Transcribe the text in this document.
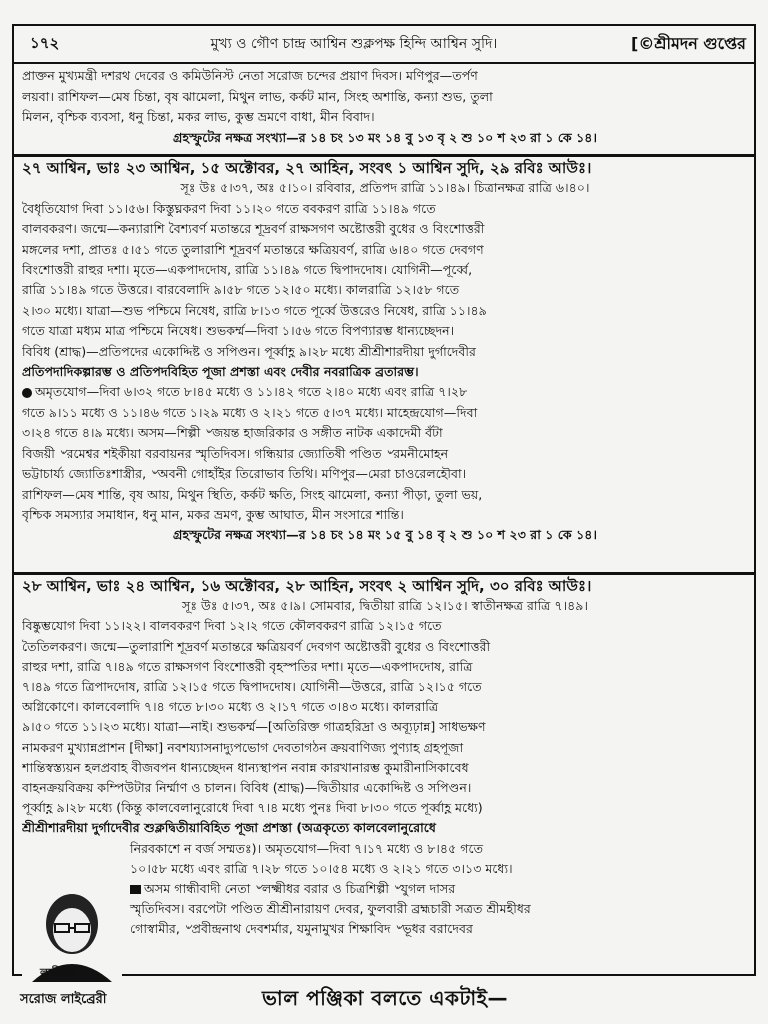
১৭২	মুখ্য ও গৌণ চান্দ্র আশ্বিন শুক্লপক্ষ হিন্দি আশ্বিন সুদি।	[©শ্রীমদন গুপ্তের

প্রাক্তন মুখ্যমন্ত্রী দশরথ দেবের ও কমিউনিস্ট নেতা সরোজ চন্দের প্রয়াণ দিবস। মণিপুর—তর্পণ

লয়বা। রাশিফল—মেষ চিন্তা, বৃষ ঝামেলা, মিথুন লাভ, কর্কট মান, সিংহ অশান্তি, কন্যা শুভ, তুলা

মিলন, বৃশ্চিক ব্যবসা, ধনু চিন্তা, মকর লাভ, কুম্ভ ভ্রমণে বাধা, মীন বিবাদ।

গ্রহস্ফুটের নক্ষত্র সংখ্যা—র ১৪ চং ১৩ মং ১৪ বু ১৩ বৃ ২ শু ১০ শ ২৩ রা ১ কে ১৪।

২৭ আশ্বিন, ভাঃ ২৩ আশ্বিন, ১৫ অক্টোবর, ২৭ আহিন, সংবৎ ১ আশ্বিন সুদি, ২৯ রবিঃ আউঃ।

সূঃ উঃ ৫।৩৭, অঃ ৫।১০। রবিবার, প্রতিপদ রাত্রি ১১।৪৯। চিত্রানক্ষত্র রাত্রি ৬।৪০।

বৈধৃতিযোগ দিবা ১১।৫৬। কিস্তুঘ্নকরণ দিবা ১১।২০ গতে ববকরণ রাত্রি ১১।৪৯ গতে

বালবকরণ। জন্মে—কন্যারাশি বৈশ্যবর্ণ মতান্তরে শূদ্রবর্ণ রাক্ষসগণ অষ্টোত্তরী বুধের ও বিংশোত্তরী

মঙ্গলের দশা, প্রাতঃ ৫।৫১ গতে তুলারাশি শূদ্রবর্ণ মতান্তরে ক্ষত্রিয়বর্ণ, রাত্রি ৬।৪০ গতে দেবগণ

বিংশোত্তরী রাহুর দশা। মৃতে—একপাদদোষ, রাত্রি ১১।৪৯ গতে দ্বিপাদদোষ। যোগিনী—পূর্ব্বে,

রাত্রি ১১।৪৯ গতে উত্তরে। বারবেলাদি ৯।৫৮ গতে ১২।৫০ মধ্যে। কালরাত্রি ১২।৫৮ গতে

২।৩০ মধ্যে। যাত্রা—শুভ পশ্চিমে নিষেধ, রাত্রি ৮।১৩ গতে পূর্ব্বে উত্তরেও নিষেধ, রাত্রি ১১।৪৯

গতে যাত্রা মধ্যম মাত্র পশ্চিমে নিষেধ। শুভকর্ম্ম—দিবা ১।৫৬ গতে বিপণ্যারম্ভ ধান্যচ্ছেদন।

বিবিধ (শ্রাদ্ধ)—প্রতিপদের একোদ্দিষ্ট ও সপিণ্ডন। পূর্ব্বাহ্ণ ৯।২৮ মধ্যে শ্রীশ্রীশারদীয়া দুর্গাদেবীর

প্রতিপদাদিকল্পারম্ভ ও প্রতিপদবিহিত পূজা প্রশস্তা এবং দেবীর নবরাত্রিক ব্রতারম্ভ।

অমৃতযোগ—দিবা ৬।৩২ গতে ৮।৪৫ মধ্যে ও ১১।৪২ গতে ২।৪০ মধ্যে এবং রাত্রি ৭।২৮

গতে ৯।১১ মধ্যে ও ১১।৪৬ গতে ১।২৯ মধ্যে ও ২।২১ গতে ৫।৩৭ মধ্যে। মাহেন্দ্রযোগ—দিবা

৩।২৪ গতে ৪।৯ মধ্যে। অসম—শিল্পী ৺জয়ন্ত হাজরিকার ও সঙ্গীত নাটক একাদেমী বঁটা

বিজয়ী ৺রমেশ্বর শইকীয়া বরবায়নর স্মৃতিদিবস। গন্ধিয়ার জ্যোতিষী পণ্ডিত ৺রমনীমোহন

ভট্টাচার্য্য জ্যোতিঃশাস্ত্রীর, ৺অবনী গোহাঁইর তিরোভাব তিথি। মণিপুর—মেরা চাওরেলহৌবা।

রাশিফল—মেষ শান্তি, বৃষ আয়, মিথুন স্থিতি, কর্কট ক্ষতি, সিংহ ঝামেলা, কন্যা পীড়া, তুলা ভয়,

বৃশ্চিক সমস্যার সমাধান, ধনু মান, মকর ভ্রমণ, কুম্ভ আঘাত, মীন সংসারে শান্তি।

গ্রহস্ফুটের নক্ষত্র সংখ্যা—র ১৪ চং ১৪ মং ১৫ বু ১৪ বৃ ২ শু ১০ শ ২৩ রা ১ কে ১৪।

২৮ আশ্বিন, ভাঃ ২৪ আশ্বিন, ১৬ অক্টোবর, ২৮ আহিন, সংবৎ ২ আশ্বিন সুদি, ৩০ রবিঃ আউঃ।

সূঃ উঃ ৫।৩৭, অঃ ৫।৯। সোমবার, দ্বিতীয়া রাত্রি ১২।১৫। স্বাতীনক্ষত্র রাত্রি ৭।৪৯।

বিষ্কুম্ভযোগ দিবা ১১।২২। বালবকরণ দিবা ১২।২ গতে কৌলবকরণ রাত্রি ১২।১৫ গতে

তৈতিলকরণ। জন্মে—তুলারাশি শূদ্রবর্ণ মতান্তরে ক্ষত্রিয়বর্ণ দেবগণ অষ্টোত্তরী বুধের ও বিংশোত্তরী

রাহুর দশা, রাত্রি ৭।৪৯ গতে রাক্ষসগণ বিংশোত্তরী বৃহস্পতির দশা। মৃতে—একপাদদোষ, রাত্রি

৭।৪৯ গতে ত্রিপাদদোষ, রাত্রি ১২।১৫ গতে দ্বিপাদদোষ। যোগিনী—উত্তরে, রাত্রি ১২।১৫ গতে

অগ্নিকোণে। কালবেলাদি ৭।৪ গতে ৮।৩০ মধ্যে ও ২।১৭ গতে ৩।৪৩ মধ্যে। কালরাত্রি

৯।৫০ গতে ১১।২৩ মধ্যে। যাত্রা—নাই। শুভকর্ম্ম—[অতিরিক্ত গাত্রহরিদ্রা ও অব্যূঢ়ান্ন] সাধভক্ষণ

নামকরণ মুখ্যান্নপ্রাশন [দীক্ষা] নবশয্যাসনাদ্যুপভোগ দেবতাগঠন ক্রয়বাণিজ্য পুণ্যাহ গ্রহপূজা

শান্তিস্বস্ত্যয়ন হলপ্রবাহ বীজবপন ধান্যচ্ছেদন ধান্যস্থাপন নবান্ন কারখানারম্ভ কুমারীনাসিকাবেধ

বাহনক্রয়বিক্রয় কম্পিউটার নির্ম্মাণ ও চালন। বিবিধ (শ্রাদ্ধ)—দ্বিতীয়ার একোদ্দিষ্ট ও সপিণ্ডন।

পূর্ব্বাহ্ণ ৯।২৮ মধ্যে (কিন্তু কালবেলানুরোধে দিবা ৭।৪ মধ্যে পুনঃ দিবা ৮।৩০ গতে পূর্ব্বাহ্ণ মধ্যে)

শ্রীশ্রীশারদীয়া দুর্গাদেবীর শুক্লদ্বিতীয়াবিহিত পূজা প্রশস্তা (অত্রকৃত্যে কালবেলানুরোধে

নিরবকাশে ন বর্জ সম্মতঃ)। অমৃতযোগ—দিবা ৭।১৭ মধ্যে ও ৮।৪৫ গতে

১০।৫৮ মধ্যে এবং রাত্রি ৭।২৮ গতে ১০।৫৪ মধ্যে ও ২।২১ গতে ৩।১৩ মধ্যে।

অসম গান্ধীবাদী নেতা ৺লক্ষ্মীধর বরার ও চিত্রশিল্পী ৺যুগল দাসর

স্মৃতিদিবস। বরপেটা পণ্ডিত শ্রীশ্রীনারায়ণ দেবর, ফুলবারী ব্রহ্মচারী সত্রত শ্রীমহীধর

গোস্বামীর, ৺প্রবীন্দ্রনাথ দেবশর্মার, যমুনামুখর শিক্ষাবিদ ৺ভূধর বরাদেবর

লক্ষ্মীধর
সরোজ লাইব্রেরী	ভাল পঞ্জিকা বলতে একটাই—
